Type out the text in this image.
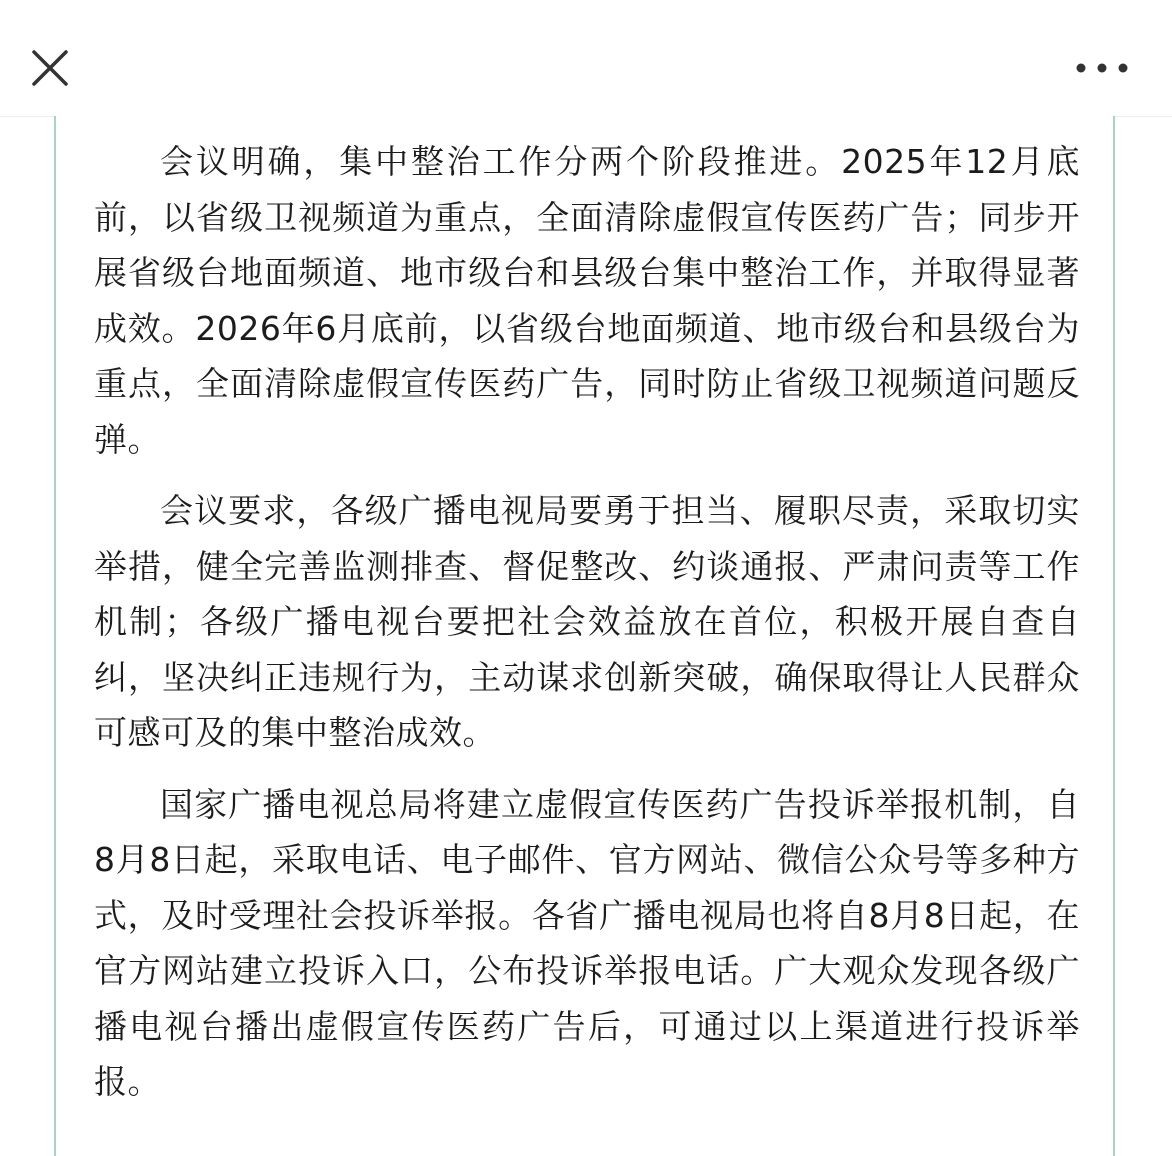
会议明确，集中整治工作分两个阶段推进。2025年12月底前，以省级卫视频道为重点，全面清除虚假宣传医药广告；同步开展省级台地面频道、地市级台和县级台集中整治工作，并取得显著成效。2026年6月底前，以省级台地面频道、地市级台和县级台为重点，全面清除虚假宣传医药广告，同时防止省级卫视频道问题反弹。

会议要求，各级广播电视局要勇于担当、履职尽责，采取切实举措，健全完善监测排查、督促整改、约谈通报、严肃问责等工作机制；各级广播电视台要把社会效益放在首位，积极开展自查自纠，坚决纠正违规行为，主动谋求创新突破，确保取得让人民群众可感可及的集中整治成效。

国家广播电视总局将建立虚假宣传医药广告投诉举报机制，自8月8日起，采取电话、电子邮件、官方网站、微信公众号等多种方式，及时受理社会投诉举报。各省广播电视局也将自8月8日起，在官方网站建立投诉入口，公布投诉举报电话。广大观众发现各级广播电视台播出虚假宣传医药广告后，可通过以上渠道进行投诉举报。
